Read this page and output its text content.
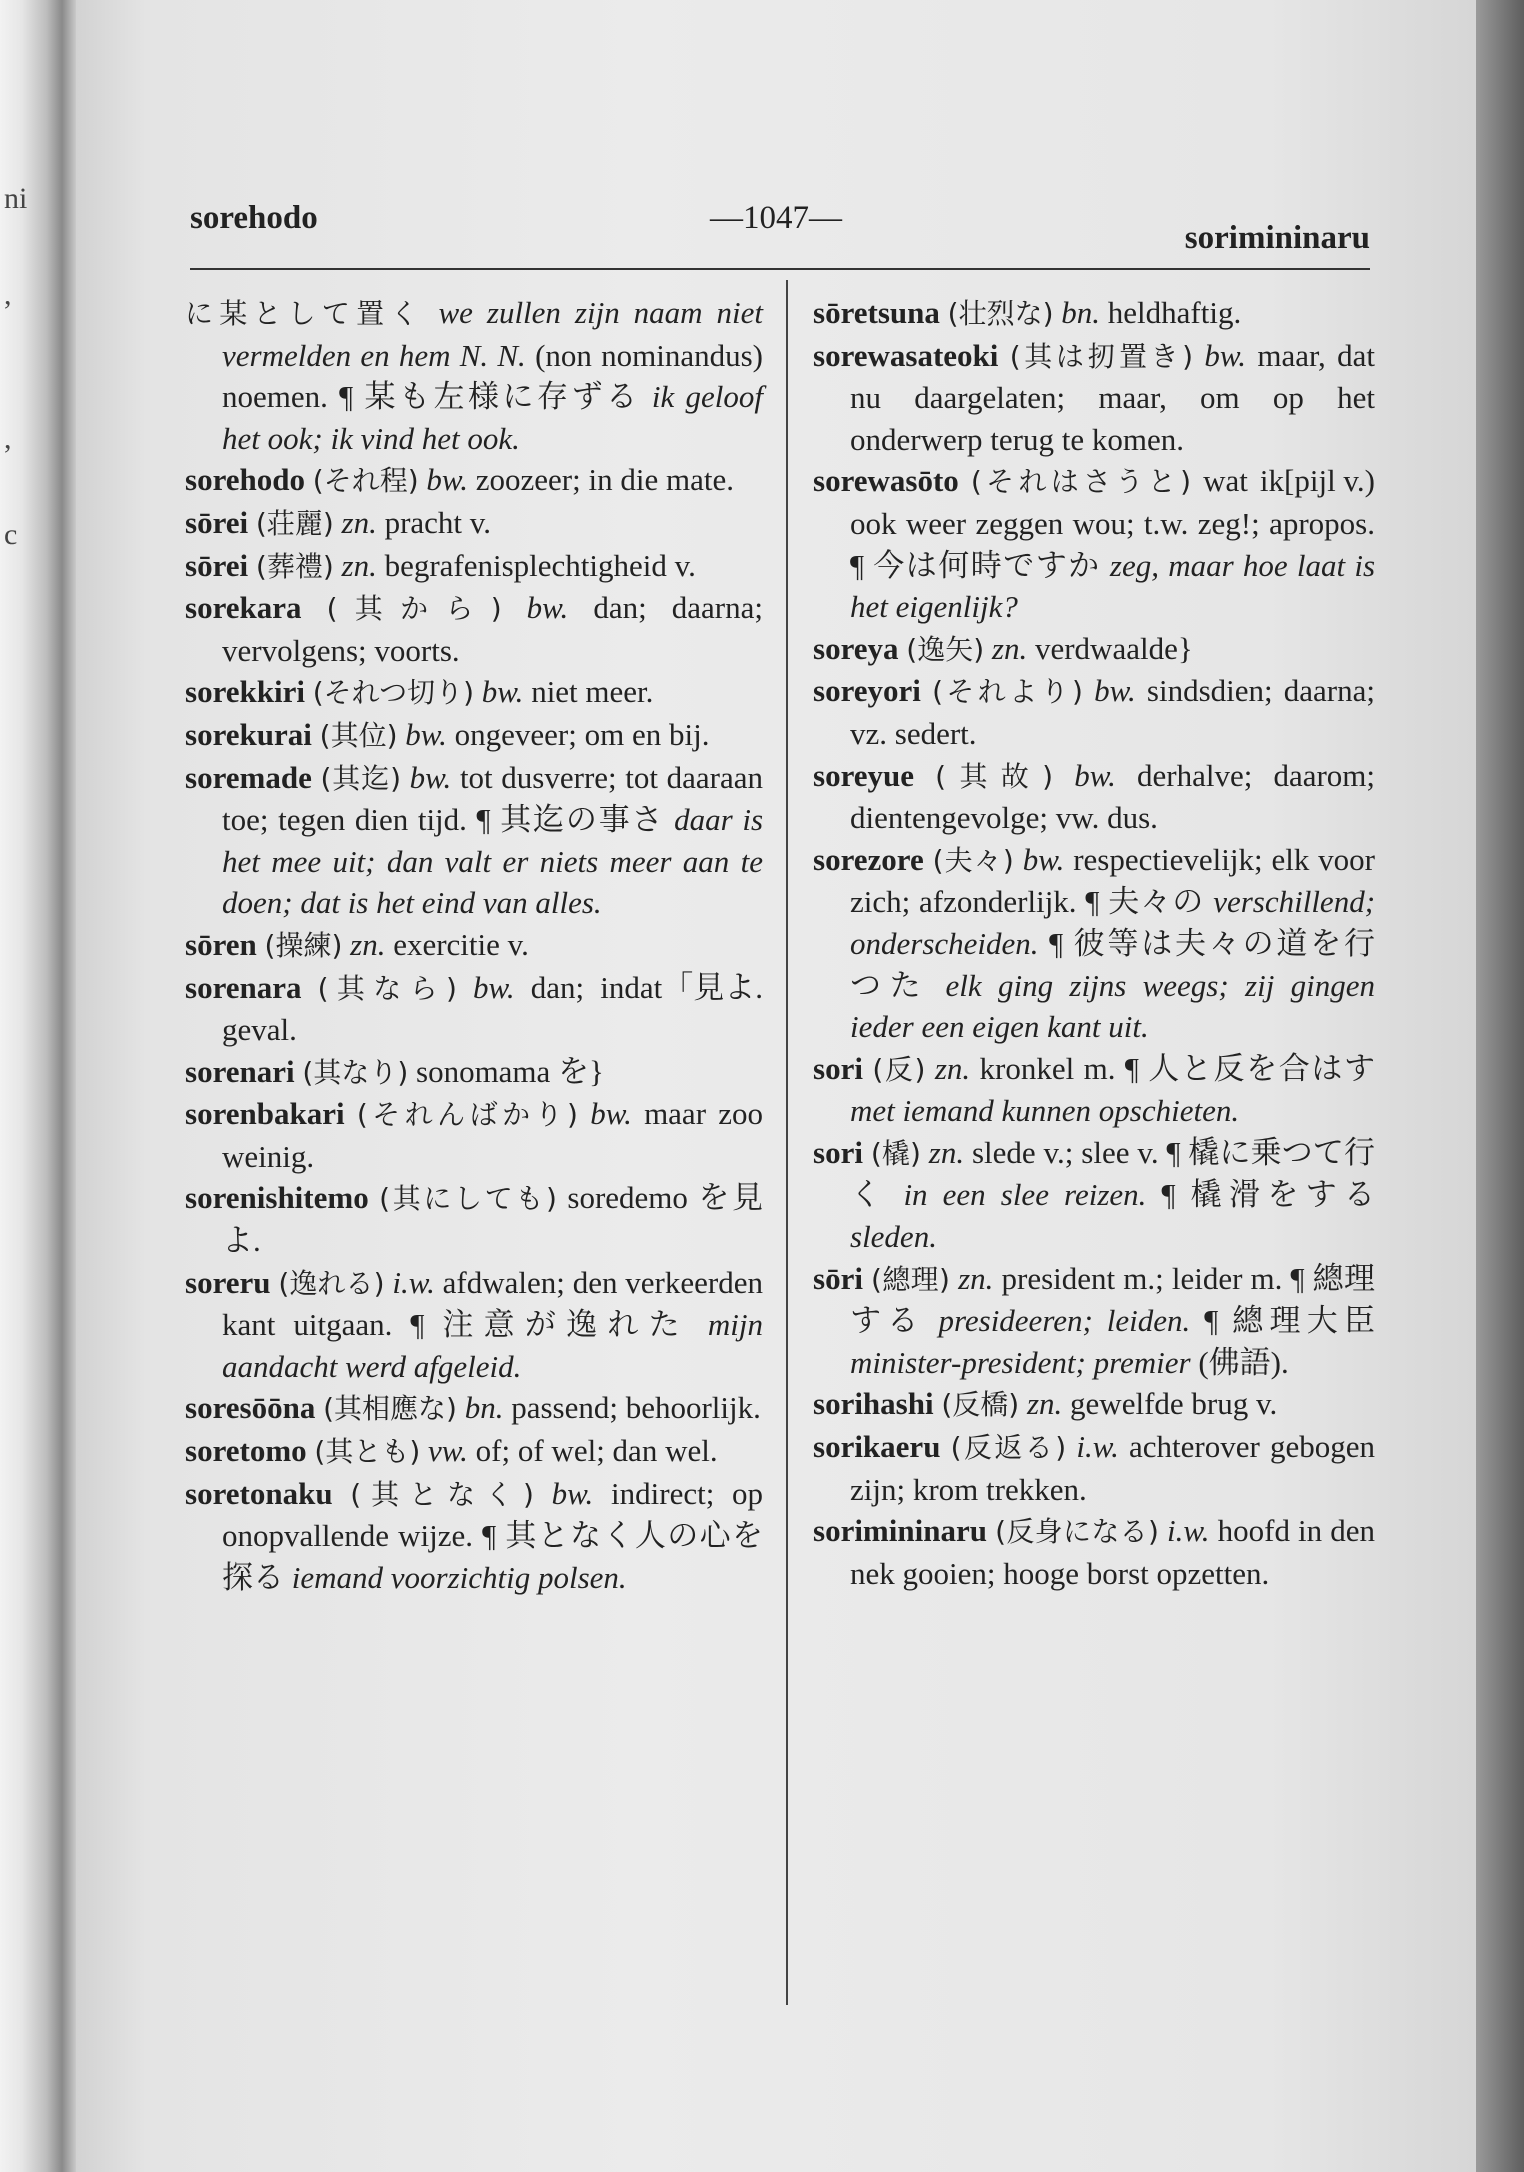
ni

,

,

c
sorehodo	—1047—
sorimininaru

に某として置く we zullen zijn naam niet vermelden en hem N. N. (non nominandus) noemen. ¶ 某も左様に存ずる ik geloof het ook; ik vind het ook.

sorehodo (それ程) bw. zoozeer; in die mate.

sōrei (荘麗) zn. pracht v.

sōrei (葬禮) zn. begrafenisplechtigheid v.

sorekara (其から) bw. dan; daarna; vervolgens; voorts.

sorekkiri (それつ切り) bw. niet meer.

sorekurai (其位) bw. ongeveer; om en bij.

soremade (其迄) bw. tot dusverre; tot daaraan toe; tegen dien tijd. ¶ 其迄の事さ daar is het mee uit; dan valt er niets meer aan te doen; dat is het eind van alles.

sōren (操練) zn. exercitie v.

「見よ.
sorenara (其なら) bw. dan; indat geval.

sorenari (其なり) sonomama を}

sorenbakari (それんばかり) bw. maar zoo weinig.

sorenishitemo (其にしても) soredemo を見よ.

soreru (逸れる) i.w. afdwalen; den verkeerden kant uitgaan. ¶ 注意が逸れた mijn aandacht werd afgeleid.

soresōōna (其相應な) bn. passend; behoorlijk.

soretomo (其とも) vw. of; of wel; dan wel.

soretonaku (其となく) bw. indirect; op onopvallende wijze. ¶ 其となく人の心を探る iemand voorzichtig polsen.

sōretsuna (壮烈な) bn. heldhaftig.

sorewasateoki (其は扨置き) bw. maar, dat nu daargelaten; maar, om op het onderwerp terug te komen.

[pijl v.)
sorewasōto (それはさうと) wat ik ook weer zeggen wou; t.w. zeg!; apropos. ¶ 今は何時ですか zeg, maar hoe laat is het eigenlijk?

soreya (逸矢) zn. verdwaalde}

soreyori (それより) bw. sindsdien; daarna; vz. sedert.

soreyue (其故) bw. derhalve; daarom; dientengevolge; vw. dus.

sorezore (夫々) bw. respectievelijk; elk voor zich; afzonderlijk. ¶ 夫々の verschillend; onderscheiden. ¶ 彼等は夫々の道を行つた elk ging zijns weegs; zij gingen ieder een eigen kant uit.

sori (反) zn. kronkel m. ¶ 人と反を合はす met iemand kunnen opschieten.

sori (橇) zn. slede v.; slee v. ¶ 橇に乗つて行く in een slee reizen. ¶ 橇滑をする sleden.

sōri (總理) zn. president m.; leider m. ¶ 總理する presideeren; leiden. ¶ 總理大臣 minister-president; premier (佛語).

sorihashi (反橋) zn. gewelfde brug v.

sorikaeru (反返る) i.w. achterover gebogen zijn; krom trekken.

sorimininaru (反身になる) i.w. hoofd in den nek gooien; hooge borst opzetten.
